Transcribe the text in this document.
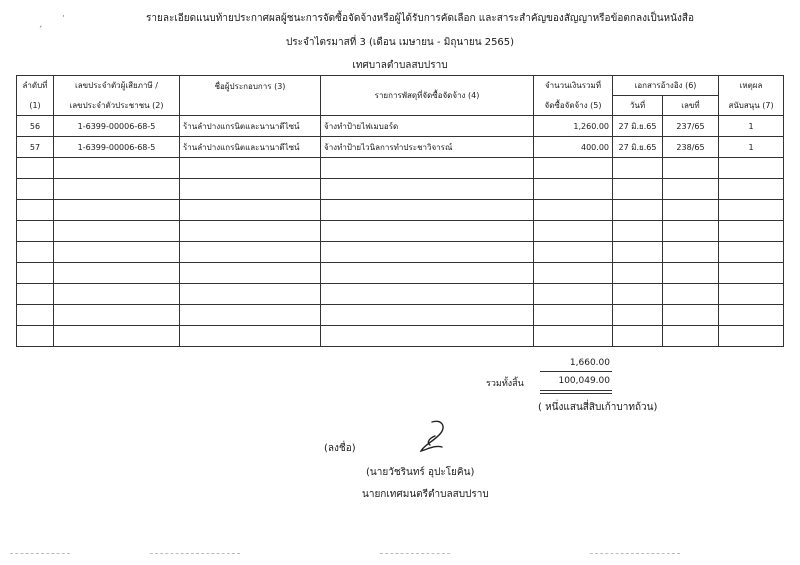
´
·	รายละเอียดแนบท้ายประกาศผลผู้ชนะการจัดซื้อจัดจ้างหรือผู้ได้รับการคัดเลือก และสาระสำคัญของสัญญาหรือข้อตกลงเป็นหนังสือ
ประจำไตรมาสที่ 3 (เดือน เมษายน - มิถุนายน 2565)
เทศบาลตำบลสบปราบ
ลำดับที่	เลขประจำตัวผู้เสียภาษี /	ชื่อผู้ประกอบการ (3)	รายการพัสดุที่จัดซื้อจัดจ้าง (4)	จำนวนเงินรวมที่	เอกสารอ้างอิง (6)		เหตุผล
(1)	เลขประจำตัวประชาชน (2)			จัดซื้อจัดจ้าง (5)	วันที่	เลขที่	สนับสนุน (7)
56	1-6399-00006-68-5	ร้านลำปางแกรนิตและนานาดีไซน์	จ้างทำป้ายไฟเมบอร์ด	1,260.00	27 มิ.ย.65	237/65	1
57	1-6399-00006-68-5	ร้านลำปางแกรนิตและนานาดีไซน์	จ้างทำป้ายไวนิลการทำประชาวิจารณ์	400.00	27 มิ.ย.65	238/65	1

1,660.00
รวมทั้งสิ้น	100,049.00
( หนึ่งแสนสี่สิบเก้าบาทถ้วน)
(ลงชื่อ)
(นายวัชรินทร์ อุปะโยคิน)
นายกเทศมนตรีตำบลสบปราบ
